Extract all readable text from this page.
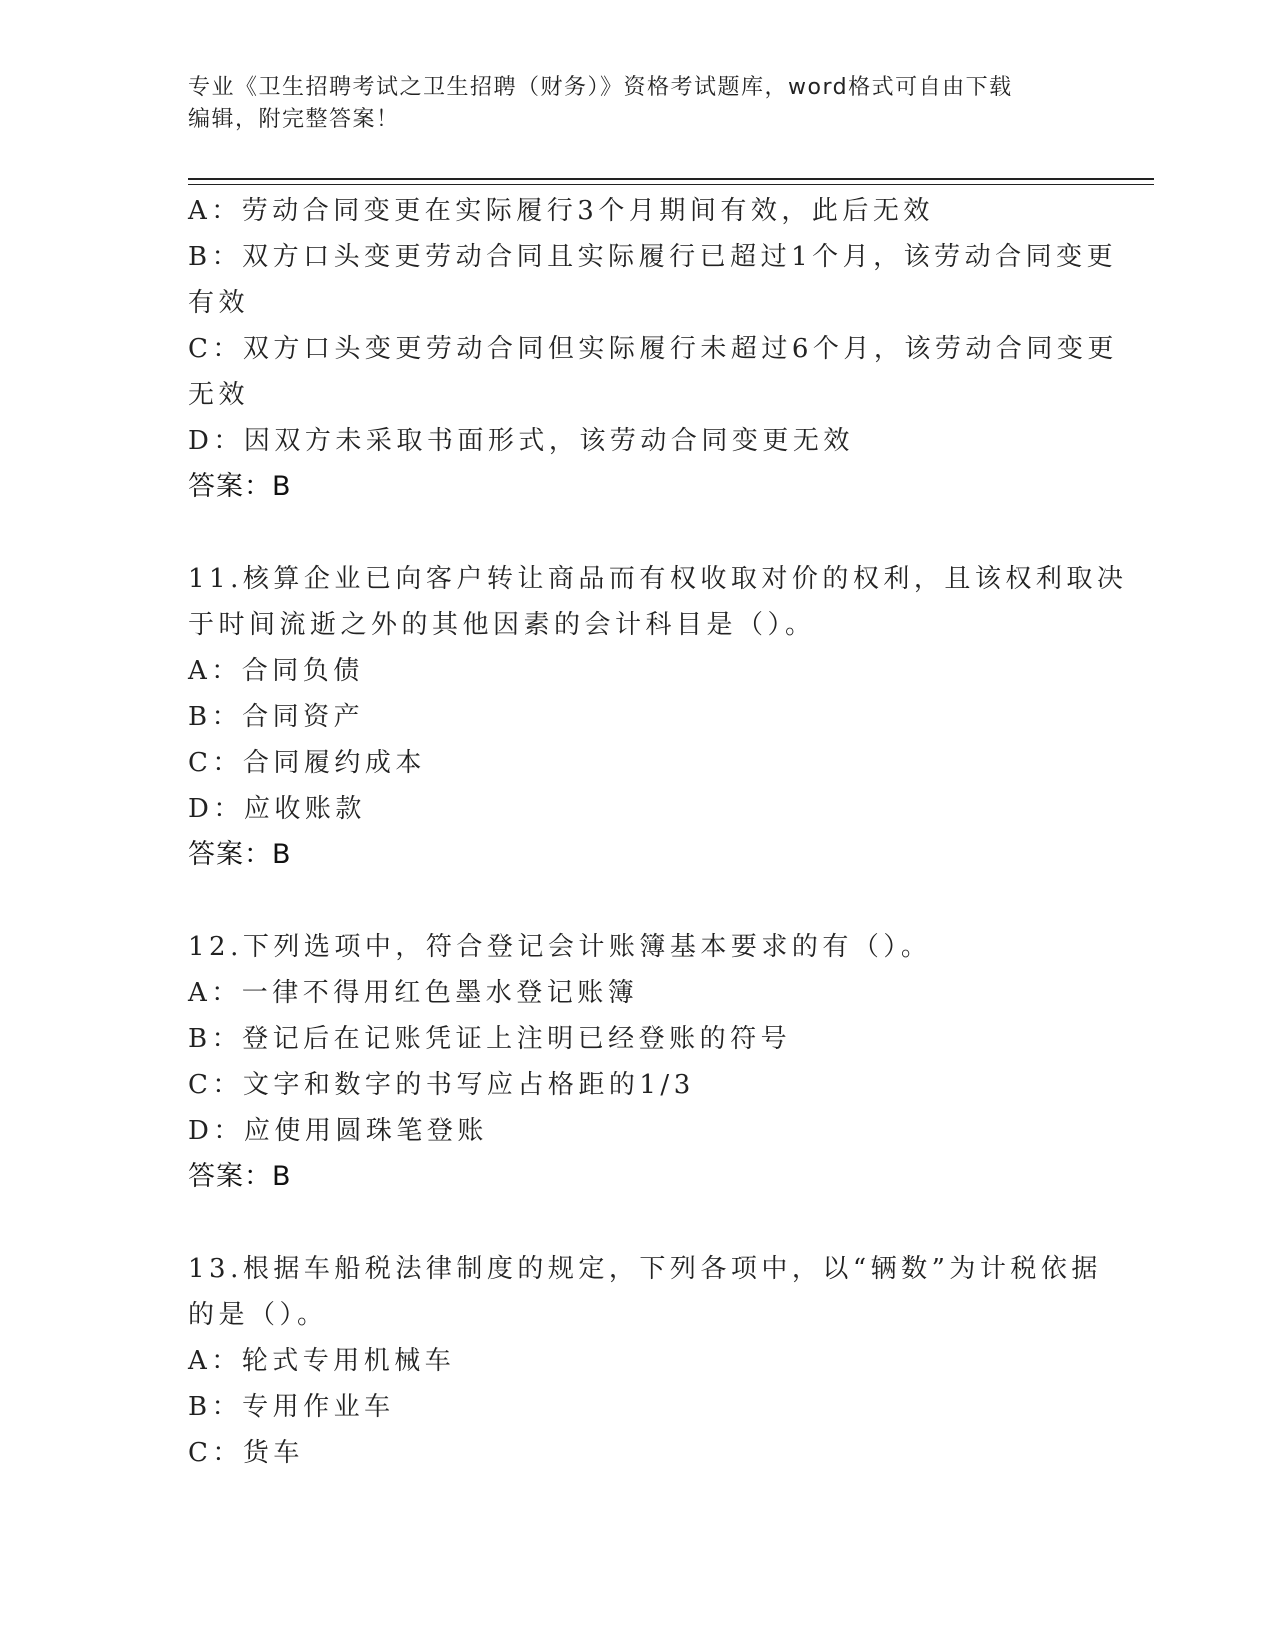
专业《卫生招聘考试之卫生招聘（财务）》资格考试题库，word格式可自由下载
编辑，附完整答案！
A：劳动合同变更在实际履行3个月期间有效，此后无效
B：双方口头变更劳动合同且实际履行已超过1个月，该劳动合同变更
有效
C：双方口头变更劳动合同但实际履行未超过6个月，该劳动合同变更
无效
D：因双方未采取书面形式，该劳动合同变更无效
答案：B
11.核算企业已向客户转让商品而有权收取对价的权利，且该权利取决
于时间流逝之外的其他因素的会计科目是（）。
A：合同负债
B：合同资产
C：合同履约成本
D：应收账款
答案：B
12.下列选项中，符合登记会计账簿基本要求的有（）。
A：一律不得用红色墨水登记账簿
B：登记后在记账凭证上注明已经登账的符号
C：文字和数字的书写应占格距的1/3
D：应使用圆珠笔登账
答案：B
13.根据车船税法律制度的规定，下列各项中，以“辆数”为计税依据
的是（）。
A：轮式专用机械车
B：专用作业车
C：货车
